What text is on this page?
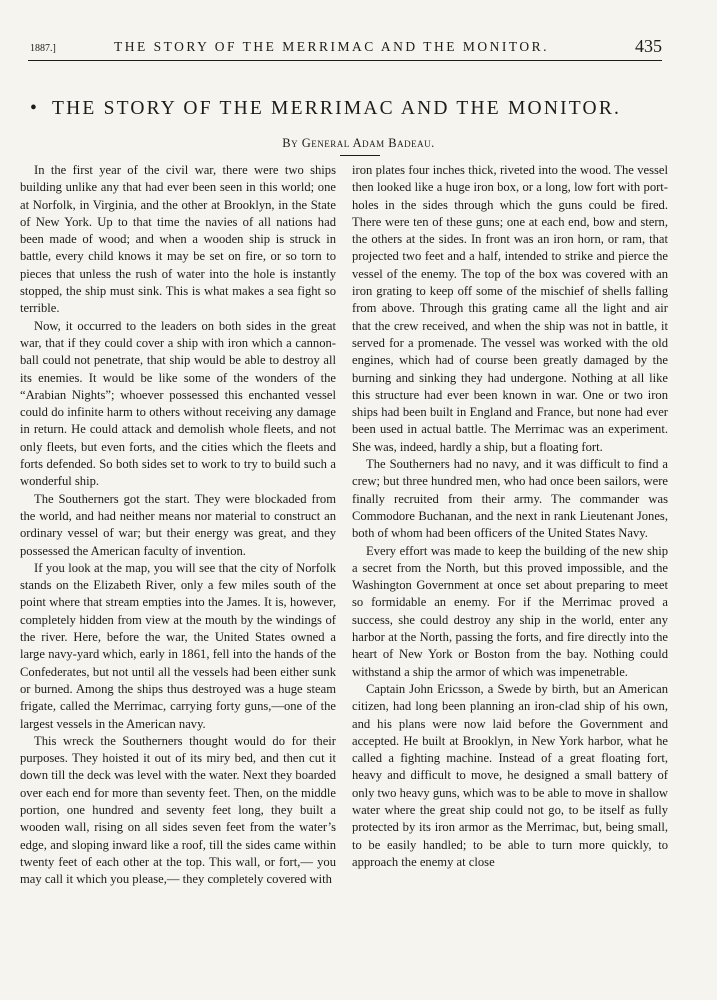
1887.]	THE STORY OF THE MERRIMAC AND THE MONITOR.	435
• THE STORY OF THE MERRIMAC AND THE MONITOR.
By General Adam Badeau.

In the first year of the civil war, there were two ships building unlike any that had ever been seen in this world; one at Norfolk, in Virginia, and the other at Brooklyn, in the State of New York. Up to that time the navies of all nations had been made of wood; and when a wooden ship is struck in battle, every child knows it may be set on fire, or so torn to pieces that unless the rush of water into the hole is instantly stopped, the ship must sink. This is what makes a sea fight so terrible.

Now, it occurred to the leaders on both sides in the great war, that if they could cover a ship with iron which a cannon-ball could not penetrate, that ship would be able to destroy all its enemies. It would be like some of the wonders of the “Arabian Nights”; whoever possessed this enchanted vessel could do infinite harm to others without receiving any damage in return. He could attack and demolish whole fleets, and not only fleets, but even forts, and the cities which the fleets and forts defended. So both sides set to work to try to build such a wonderful ship.

The Southerners got the start. They were blockaded from the world, and had neither means nor material to construct an ordinary vessel of war; but their energy was great, and they possessed the American faculty of invention.

If you look at the map, you will see that the city of Norfolk stands on the Elizabeth River, only a few miles south of the point where that stream empties into the James. It is, however, completely hidden from view at the mouth by the windings of the river. Here, before the war, the United States owned a large navy-yard which, early in 1861, fell into the hands of the Confederates, but not until all the vessels had been either sunk or burned. Among the ships thus destroyed was a huge steam frigate, called the Merrimac, carrying forty guns,—one of the largest vessels in the American navy.

This wreck the Southerners thought would do for their purposes. They hoisted it out of its miry bed, and then cut it down till the deck was level with the water. Next they boarded over each end for more than seventy feet. Then, on the middle portion, one hundred and seventy feet long, they built a wooden wall, rising on all sides seven feet from the water’s edge, and sloping inward like a roof, till the sides came within twenty feet of each other at the top. This wall, or fort,— you may call it which you please,— they completely covered with

iron plates four inches thick, riveted into the wood. The vessel then looked like a huge iron box, or a long, low fort with port-holes in the sides through which the guns could be fired. There were ten of these guns; one at each end, bow and stern, the others at the sides. In front was an iron horn, or ram, that projected two feet and a half, intended to strike and pierce the vessel of the enemy. The top of the box was covered with an iron grating to keep off some of the mischief of shells falling from above. Through this grating came all the light and air that the crew received, and when the ship was not in battle, it served for a promenade. The vessel was worked with the old engines, which had of course been greatly damaged by the burning and sinking they had undergone. Nothing at all like this structure had ever been known in war. One or two iron ships had been built in England and France, but none had ever been used in actual battle. The Merrimac was an experiment. She was, indeed, hardly a ship, but a floating fort.

The Southerners had no navy, and it was difficult to find a crew; but three hundred men, who had once been sailors, were finally recruited from their army. The commander was Commodore Buchanan, and the next in rank Lieutenant Jones, both of whom had been officers of the United States Navy.

Every effort was made to keep the building of the new ship a secret from the North, but this proved impossible, and the Washington Government at once set about preparing to meet so formidable an enemy. For if the Merrimac proved a success, she could destroy any ship in the world, enter any harbor at the North, passing the forts, and fire directly into the heart of New York or Boston from the bay. Nothing could withstand a ship the armor of which was impenetrable.

Captain John Ericsson, a Swede by birth, but an American citizen, had long been planning an iron-clad ship of his own, and his plans were now laid before the Government and accepted. He built at Brooklyn, in New York harbor, what he called a fighting machine. Instead of a great floating fort, heavy and difficult to move, he designed a small battery of only two heavy guns, which was to be able to move in shallow water where the great ship could not go, to be itself as fully protected by its iron armor as the Merrimac, but, being small, to be easily handled; to be able to turn more quickly, to approach the enemy at close
